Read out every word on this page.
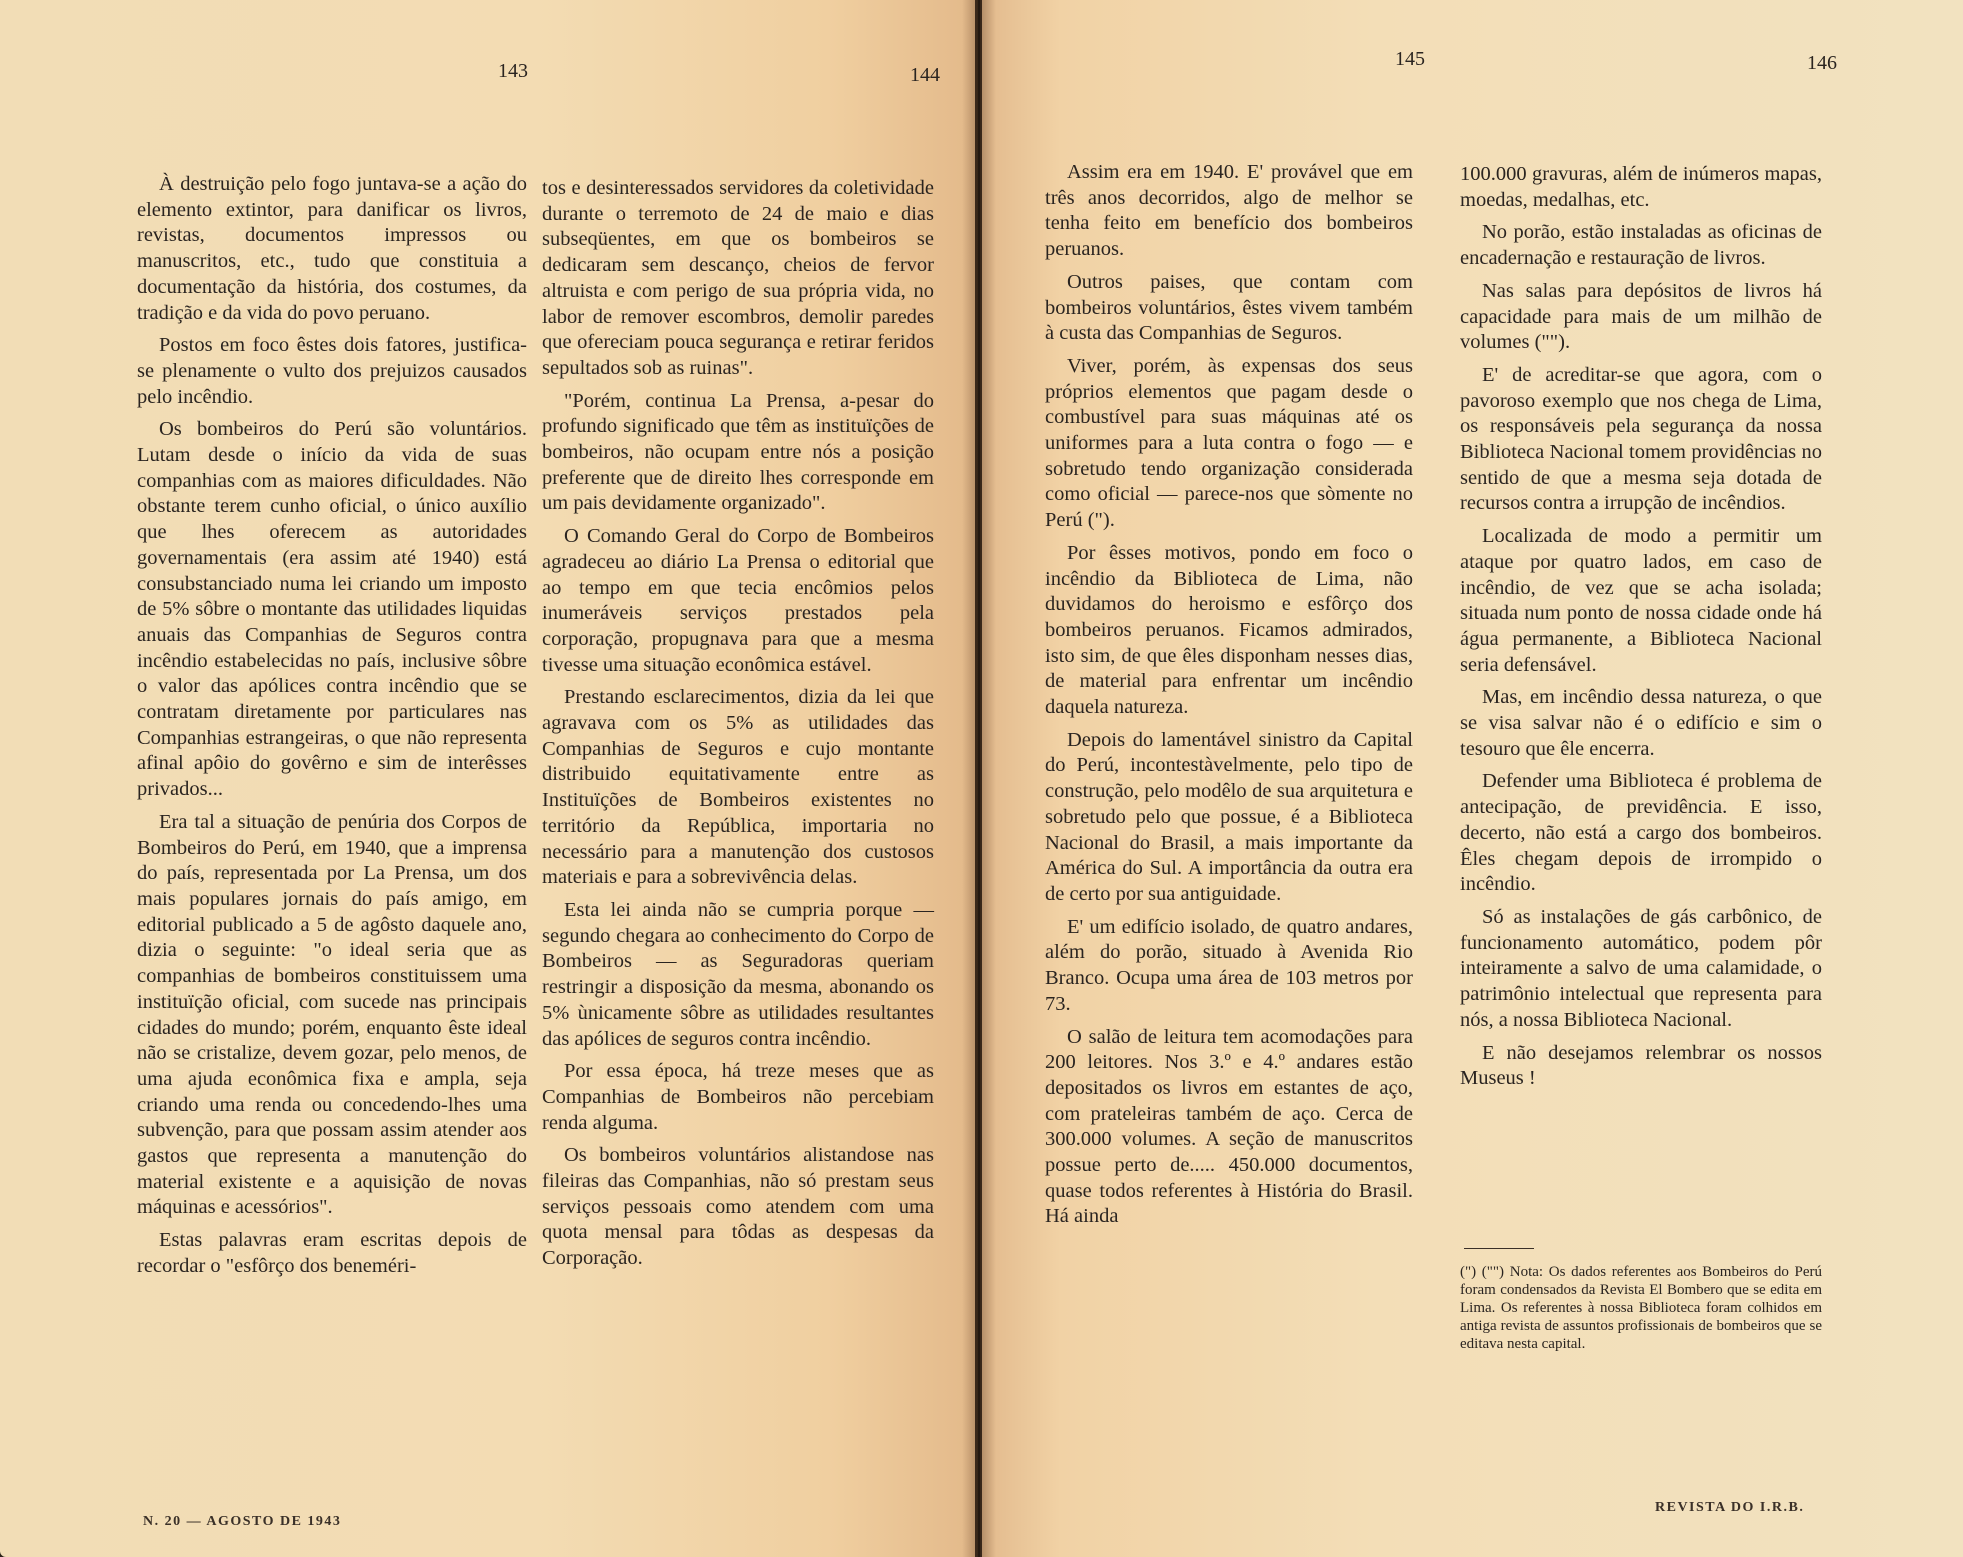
143	144

À destruição pelo fogo juntava-se a ação do elemento extintor, para danificar os livros, revistas, documentos impressos ou manuscritos, etc., tudo que constituia a documentação da história, dos costumes, da tradição e da vida do povo peruano.

Postos em foco êstes dois fatores, justifica-se plenamente o vulto dos prejuizos causados pelo incêndio.

Os bombeiros do Perú são voluntários. Lutam desde o início da vida de suas companhias com as maiores dificuldades. Não obstante terem cunho oficial, o único auxílio que lhes oferecem as autoridades governamentais (era assim até 1940) está consubstanciado numa lei criando um imposto de 5% sôbre o montante das utilidades liquidas anuais das Companhias de Seguros contra incêndio estabelecidas no país, inclusive sôbre o valor das apólices contra incêndio que se contratam diretamente por particulares nas Companhias estrangeiras, o que não representa afinal apôio do govêrno e sim de interêsses privados...

Era tal a situação de penúria dos Corpos de Bombeiros do Perú, em 1940, que a imprensa do país, representada por La Prensa, um dos mais populares jornais do país amigo, em editorial publicado a 5 de agôsto daquele ano, dizia o seguinte: "o ideal seria que as companhias de bombeiros constituissem uma instituïção oficial, com sucede nas principais cidades do mundo; porém, enquanto êste ideal não se cristalize, devem gozar, pelo menos, de uma ajuda econômica fixa e ampla, seja criando uma renda ou concedendo-lhes uma subvenção, para que possam assim atender aos gastos que representa a manutenção do material existente e a aquisição de novas máquinas e acessórios".

Estas palavras eram escritas depois de recordar o "esfôrço dos beneméri-

tos e desinteressados servidores da coletividade durante o terremoto de 24 de maio e dias subseqüentes, em que os bombeiros se dedicaram sem descanço, cheios de fervor altruista e com perigo de sua própria vida, no labor de remover escombros, demolir paredes que ofereciam pouca segurança e retirar feridos sepultados sob as ruinas".

"Porém, continua La Prensa, a-pesar do profundo significado que têm as instituïções de bombeiros, não ocupam entre nós a posição preferente que de direito lhes corresponde em um pais devidamente organizado".

O Comando Geral do Corpo de Bombeiros agradeceu ao diário La Prensa o editorial que ao tempo em que tecia encômios pelos inumeráveis serviços prestados pela corporação, propugnava para que a mesma tivesse uma situação econômica estável.

Prestando esclarecimentos, dizia da lei que agravava com os 5% as utilidades das Companhias de Seguros e cujo montante distribuido equitativamente entre as Instituïções de Bombeiros existentes no território da República, importaria no necessário para a manutenção dos custosos materiais e para a sobrevivência delas.

Esta lei ainda não se cumpria porque — segundo chegara ao conhecimento do Corpo de Bombeiros — as Seguradoras queriam restringir a disposição da mesma, abonando os 5% ùnicamente sôbre as utilidades resultantes das apólices de seguros contra incêndio.

Por essa época, há treze meses que as Companhias de Bombeiros não percebiam renda alguma.

Os bombeiros voluntários alistandose nas fileiras das Companhias, não só prestam seus serviços pessoais como atendem com uma quota mensal para tôdas as despesas da Corporação.

N. 20 — AGOSTO DE 1943
145	146

Assim era em 1940. E' provável que em três anos decorridos, algo de melhor se tenha feito em benefício dos bombeiros peruanos.

Outros paises, que contam com bombeiros voluntários, êstes vivem também à custa das Companhias de Seguros.

Viver, porém, às expensas dos seus próprios elementos que pagam desde o combustível para suas máquinas até os uniformes para a luta contra o fogo — e sobretudo tendo organização considerada como oficial — parece-nos que sòmente no Perú (").

Por êsses motivos, pondo em foco o incêndio da Biblioteca de Lima, não duvidamos do heroismo e esfôrço dos bombeiros peruanos. Ficamos admirados, isto sim, de que êles disponham nesses dias, de material para enfrentar um incêndio daquela natureza.

Depois do lamentável sinistro da Capital do Perú, incontestàvelmente, pelo tipo de construção, pelo modêlo de sua arquitetura e sobretudo pelo que possue, é a Biblioteca Nacional do Brasil, a mais importante da América do Sul. A importância da outra era de certo por sua antiguidade.

E' um edifício isolado, de quatro andares, além do porão, situado à Avenida Rio Branco. Ocupa uma área de 103 metros por 73.

O salão de leitura tem acomodações para 200 leitores. Nos 3.º e 4.º andares estão depositados os livros em estantes de aço, com prateleiras também de aço. Cerca de 300.000 volumes. A seção de manuscritos possue perto de..... 450.000 documentos, quase todos referentes à História do Brasil. Há ainda

100.000 gravuras, além de inúmeros mapas, moedas, medalhas, etc.

No porão, estão instaladas as oficinas de encadernação e restauração de livros.

Nas salas para depósitos de livros há capacidade para mais de um milhão de volumes ("").

E' de acreditar-se que agora, com o pavoroso exemplo que nos chega de Lima, os responsáveis pela segurança da nossa Biblioteca Nacional tomem providências no sentido de que a mesma seja dotada de recursos contra a irrupção de incêndios.

Localizada de modo a permitir um ataque por quatro lados, em caso de incêndio, de vez que se acha isolada; situada num ponto de nossa cidade onde há água permanente, a Biblioteca Nacional seria defensável.

Mas, em incêndio dessa natureza, o que se visa salvar não é o edifício e sim o tesouro que êle encerra.

Defender uma Biblioteca é problema de antecipação, de previdência. E isso, decerto, não está a cargo dos bombeiros. Êles chegam depois de irrompido o incêndio.

Só as instalações de gás carbônico, de funcionamento automático, podem pôr inteiramente a salvo de uma calamidade, o patrimônio intelectual que representa para nós, a nossa Biblioteca Nacional.

E não desejamos relembrar os nossos Museus !

(") ("") Nota: Os dados referentes aos Bombeiros do Perú foram condensados da Revista El Bombero que se edita em Lima. Os referentes à nossa Biblioteca foram colhidos em antiga revista de assuntos profissionais de bombeiros que se editava nesta capital.
REVISTA DO I.R.B.
